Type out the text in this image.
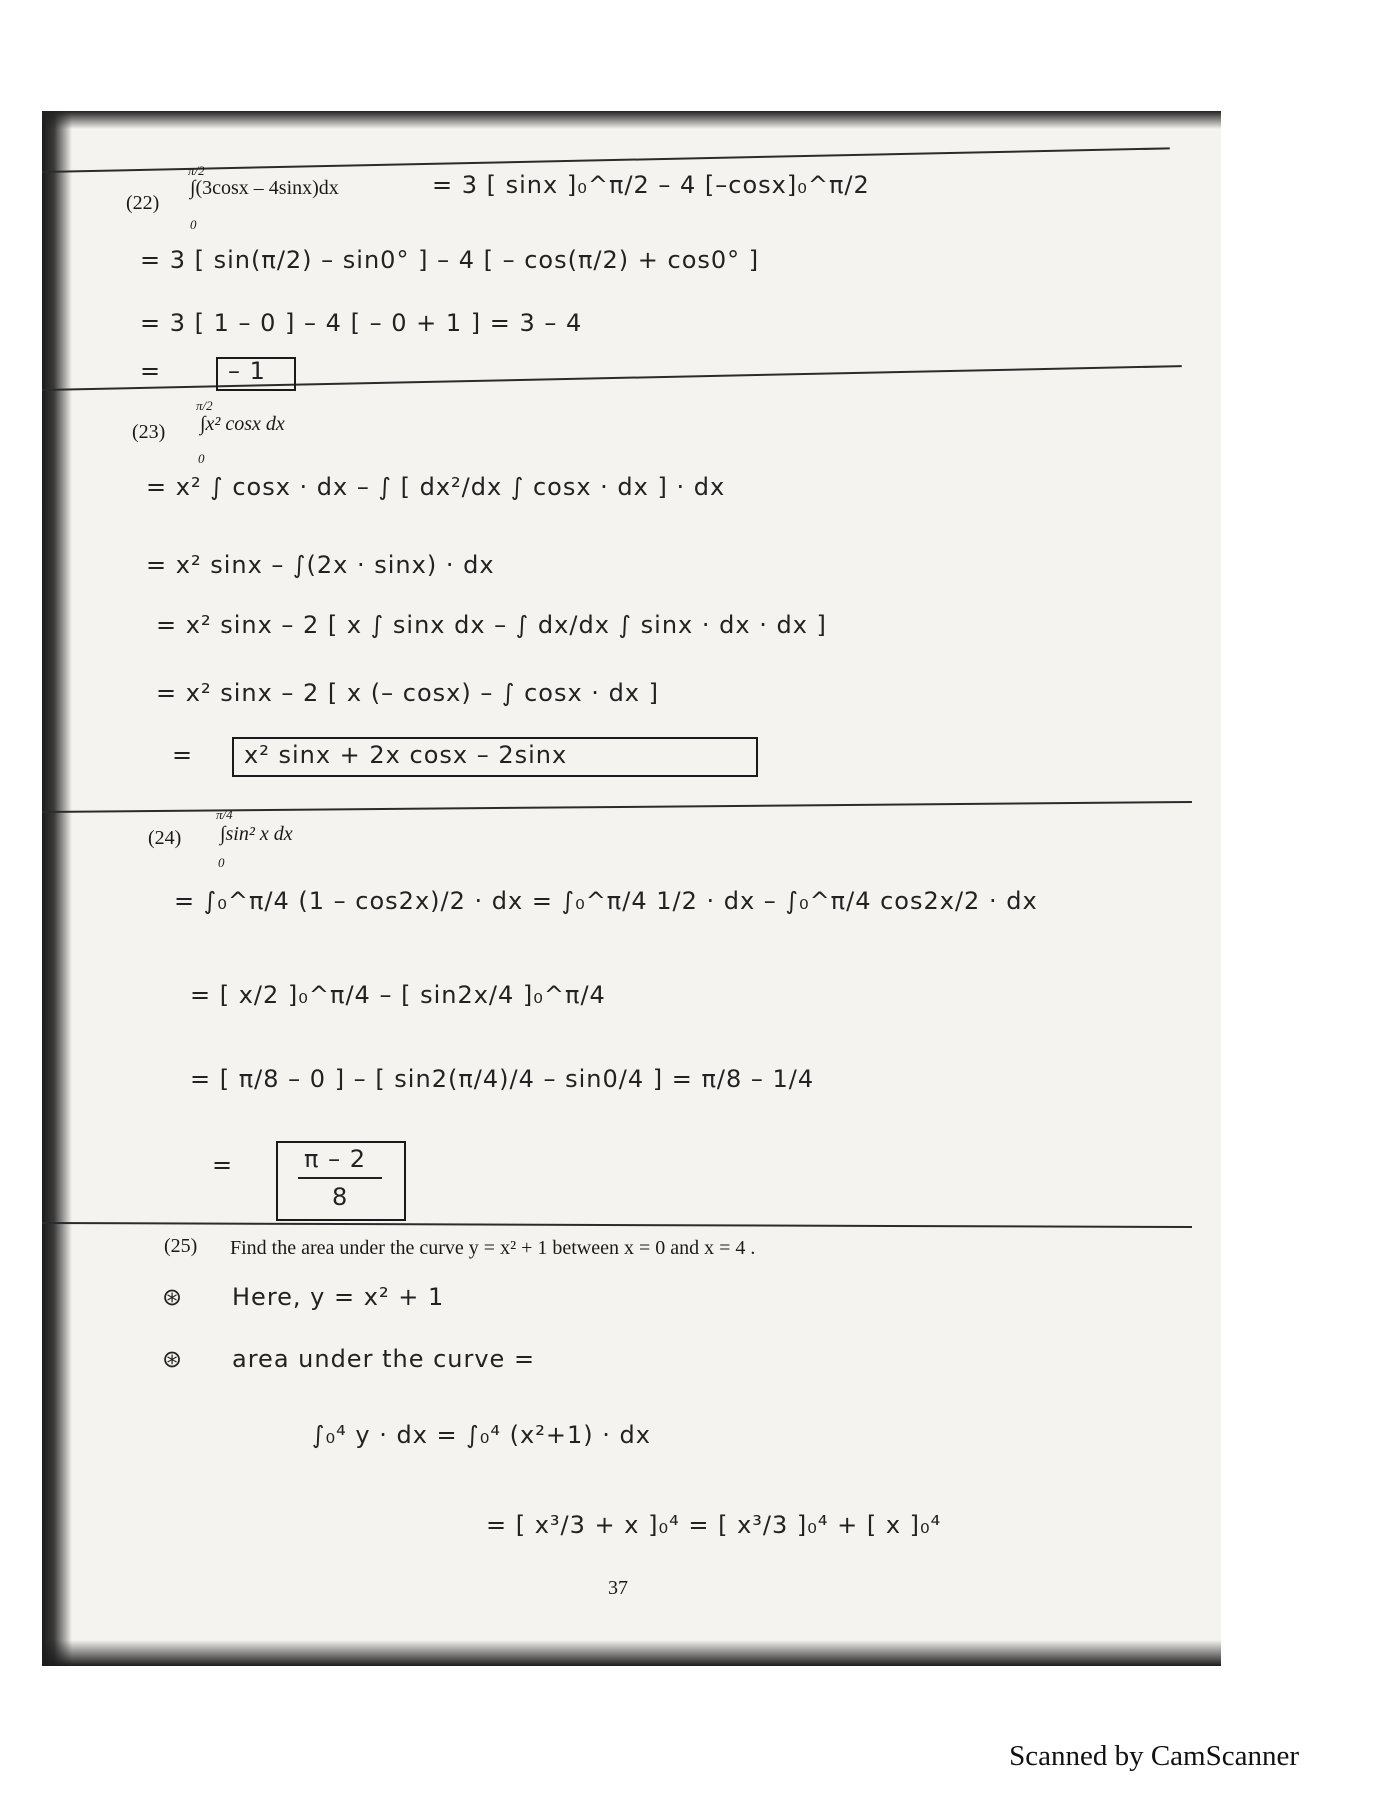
(22)
π/2
0
∫(3cosx – 4sinx)dx	= 3 [ sinx ]₀^π/2 – 4 [–cosx]₀^π/2
= 3 [ sin(π/2) – sin0° ] – 4 [ – cos(π/2) + cos0° ]
= 3 [ 1 – 0 ] – 4 [ – 0 + 1 ] = 3 – 4
=	– 1
(23)
π/2
0
∫x² cosx dx
= x² ∫ cosx · dx – ∫ [ dx²/dx ∫ cosx · dx ] · dx
= x² sinx – ∫(2x · sinx) · dx
= x² sinx – 2 [ x ∫ sinx dx – ∫ dx/dx ∫ sinx · dx · dx ]
= x² sinx – 2 [ x (– cosx) – ∫ cosx · dx ]
= x² sinx + 2x cosx – 2sinx
(24)
π/4
0
∫sin² x dx
= ∫₀^π/4 (1 – cos2x)/2 · dx = ∫₀^π/4 1/2 · dx – ∫₀^π/4 cos2x/2 · dx
= [ x/2 ]₀^π/4 – [ sin2x/4 ]₀^π/4
= [ π/8 – 0 ] – [ sin2(π/4)/4 – sin0/4 ] = π/8 – 1/4
=	π – 2
8
(25) Find the area under the curve y = x² + 1 between x = 0 and x = 4 .
⊛ Here, y = x² + 1
⊛ area under the curve =
∫₀⁴ y · dx = ∫₀⁴ (x²+1) · dx
= [ x³/3 + x ]₀⁴ = [ x³/3 ]₀⁴ + [ x ]₀⁴
37
Scanned by CamScanner
